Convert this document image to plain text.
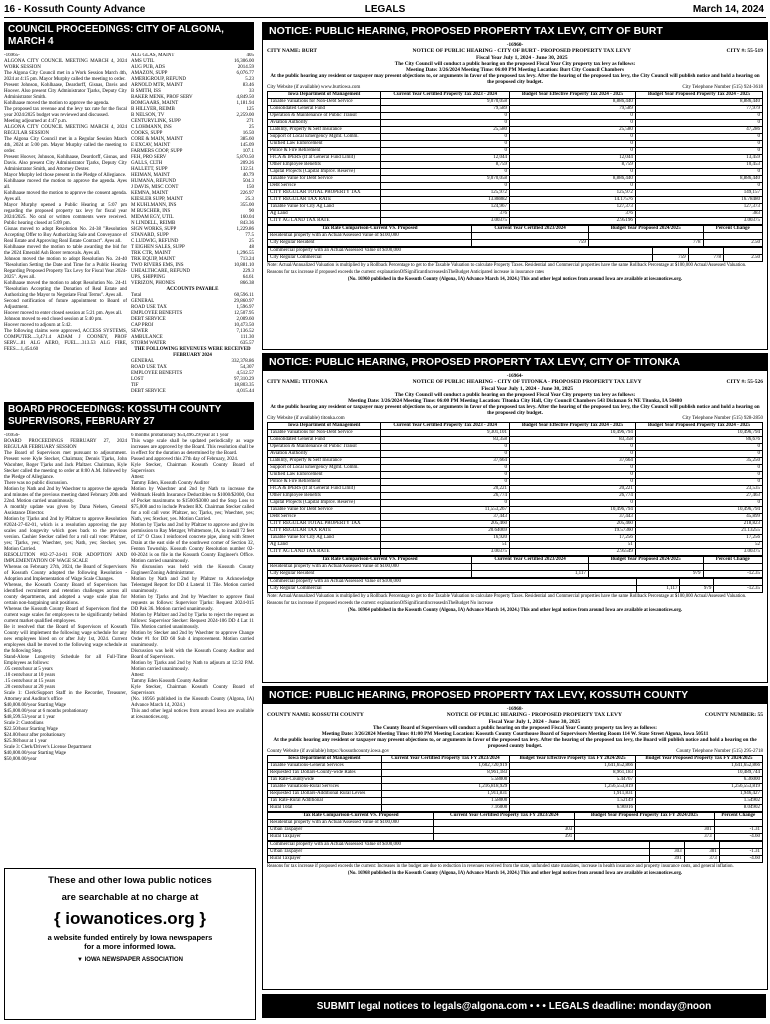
16 - Kossuth County Advance	LEGALS	March 14, 2024
COUNCIL PROCEEDINGS: CITY OF ALGONA, MARCH 4

-16965-

ALGONA CITY COUNCIL MEETING MARCH 4, 2024 WORK SESSION

The Algona City Council met in a Work Session March 4th, 2024 at 4:15 pm. Mayor Murphy called the meeting to order.

Present Johnson, Kohlhaase, Deardorff, Gisnas, Davis and Hoover. Also present City Administrator Tjarks, Deputy City Administrator Smith.

Kohlhaase moved the motion to approve the agenda.

The proposed tax revenue and the levy tax rate for the fiscal year 2024/2025 budget was reviewed and discussed.

Meeting adjourned at 4:47 p.m.

ALGONA CITY COUNCIL MEETING MARCH 4, 2024 REGULAR SESSION

The Algona City Council met in a Regular Session March 4th, 2024 at 5:00 pm. Mayor Murphy called the meeting to order.

Present Hoover, Johnson, Kohlhaase, Deardorff, Gisnas, and Davis. Also present City Administrator Tjarks, Deputy City Administrator Smith, and Attorney Dexter.

Mayor Murphy led those present in the Pledge of Allegiance.

Kohlhaase moved the motion to approve the agenda. Ayes all.

Kohlhaase moved the motion to approve the consent agenda. Ayes all.

Mayor Murphy opened a Public Hearing at 5:07 pm regarding the proposed property tax levy for fiscal year 2024/2025. No oral or written comments were received. Public hearing closed at 5:09 pm.

Gisnas moved to adopt Resolution No. 24-38 "Resolution Accepting Offer to Buy Authorizing Sale and Conveyance of Real Estate and Approving Real Estate Contract". Ayes all.

Kohlhaase moved the motion to table awarding the bid for the 2024 Emerald Ash Borer removals. Ayes all.

Johnson moved the motion to adopt Resolution No. 24-40 "Resolution Setting the Date and Time for a Public Hearing Regarding Proposed Property Tax Levy for Fiscal Year 2024-2025". Ayes all.

Kohlhaase moved the motion to adopt Resolution No. 24-41 "Resolution Accepting the Donation of Real Estate and Authorizing the Mayor to Negotiate Final Terms". Ayes all.

Second notification of future appointment to Board of Adjustment.

Hoover moved to enter closed session at 5:21 pm. Ayes all.

Johnson moved to end closed session at 5:40 pm.

Hoover moved to adjourn at 5:42.

The following claims were approved, ACCESS SYSTEMS, COMPUTER....3,471.4 ADAM J COONEY, PROF SERV....81 ALG AERO, FUEL....313.53 ALG FIRE, FEES....1,454.60

ALG GLAS, MAINT	405
AMS UTIL	16,306.00
AUG PUB, ADS	2014.59
AMAZON, SUPP	6,076.77
AMERIGROUP, REFUND	5.23
ARNOLD MTR, MAINT	83.46
B SMITH, ISS	33
BAKER MENK, PROF SERV	4,849.50
BOMGAARS, MAINT	1,181.94
B HILLYER, REIMB	125
B NELSON, TV	2,259.00
CENTURYLINK, SUPP	271
C LOHMANN, INS	25
COOKS, SUPP	16.50
CORE & MAIN, MAINT	385.60
E EXCAV, MAINT	145.09
FARMERS COOP, SUPP	107.1
FEH, PRO SERV	5,870.50
GALLS, CLTH	209.26
HALLETT, SUPP	132.51
HEIMAN, MAINT	40.79
HUMANA, REFUND	504.3
J DAVIS, MISC CONT	150
KEMNA, MAINT	226.97
KIESLER SUPP, MAINT	25.3
M KUHLMANN, INS	355.00
M BUSCHER, INS	90
MIDAM EGY, UTIL	160.04
N LINDELL, REIMB	843.36
SIGN WORKS, SUPP	1,229.86
STANARD, SUPP	77.5
C LUDWIG, REFUND	25
T EIGHEN SALES, SUPP	48
TRK CTR, MAINT	1,296.55
TRK EQUIP, MAINT	713.24
TWO RIVERS EMS, INS	10,881.10
UHEALTHCARE, REFUND	229.3
UPS, SHIPPING	64.61
VERIZON, PHONES	866.38
ACCOUNTS PAYABLE
Total	60,596.11
GENERAL	29,860.97
ROAD USE TAX	1,596.97
EMPLOYEE BENEFITS	12,507.95
DEBT SERVICE	2,009.60
CAP PROJ	10,473.50
SEWER	7,136.52
AMBULANCE	111.30
STORM WATER	635.57
THE FOLLOWING REVENUES WERE RECEIVED FEBRUARY 2024
GENERAL	332,378.86
ROAD USE TAX	54,307
EMPLOYEE BENEFITS	4,512.57
LOST	97,310.29
TIF	18,803.35
DEBT SERVICE	4,015.44
BOARD PROCEEDINGS: KOSSUTH COUNTY SUPERVISORS, FEBRUARY 27

-16956-

BOARD PROCEEDINGS FEBRUARY 27, 2024 REGULAR FEBRUARY SESSION

The Board of Supervisors met pursuant to adjournment. Present were Kyle Stecker, Chairman; Dennis Tjarks, John Wacohter, Roger Tjarks and Jack Pfaltzer. Chairman, Kyle Stecker called the meeting to order at 8:00 A.M. followed by the Pledge of Allegiance.

There was no public discussion.

Motion by Nath and 2nd by Waechter to approve the agenda and minutes of the previous meeting dated February 20th and 22nd. Motion carried unanimously.

A monthly update was given by Dana Nelsen, General Assistance Director.

Motion by Tjarks and 2nd by Pfaltzer to approve Resolution #2024-27-02-01, which is a resolution approving the pay scales and longevity which goes back to the previous version. Cashier Stecker called for a roll call vote: Pfaltzer, yes; Tjarks, yes; Waechter, yes; Nath, yes; Stecker, yes. Motion Carried.

RESOLUTION #02-27-24-01 FOR ADOPTION AND IMPLEMENTATION OF WAGE SCALE

Whereas on February 27th, 2024, the Board of Supervisors of Kossuth County adopted the following Resolution - Adoption and Implementation of Wage Scale Changes.

Whereas, the Kossuth County Board of Supervisors has identified recruitment and retention challenges across all county departments, and adopted a wage scale plan for certain non-bargaining unit positions.

Whereas the Kossuth County Board of Supervisors find the current wage scales for employees to be significantly behind current market qualified employees.

Be it resolved that the Board of Supervisors of Kossuth County will implement the following wage schedule for any new employees hired on or after July 1st, 2024. Current employees shall be moved to the following wage schedule at the following Step.

Stand-Alone Longevity Schedule for all Full-Time Employees as follows:

.05 cents/hour at 5 years

.10 cents/hour at 10 years

.15 cents/hour at 15 years

.20 cents/hour at 20 years

Scale 1: Clerk/Support Staff in the Recorder, Treasurer, Attorney and Auditor's office

$40,000.00/year Starting Wage

$45,000.00/year at 6 months probationary

$48,599.53/year at 1 year

Scale 2: Custodians

$22.50/hour Starting Wage

$24.00/hour after probationary

$25.98/hour at 1 year

Scale 3: Clerk/Driver's License Department

$40,000.00/year Starting Wage

$50,000.00/year

6 months probationary $54,496.29/year at 1 year

This wage scale shall be updated periodically as wage increases are approved by the Board. This resolution shall be in effect for the duration as determined by the Board.

Passed and approved this 27th day of February, 2024.

Kyle Stecker, Chairman Kossuth County Board of Supervisors

Attest:

Tammy Eden, Kossuth County Auditor

Motion by Waechter and 2nd by Nath to increase the Wellmark Health Insurance Deductibles to $1000/$2000, Out of Pocket maximums to $1500/$3000 and the Stop Loss to $75,000 and to include Prudent RX. Chairman Stecker called for a roll call vote: Pfaltzer, no; Tjarks, yes; Waechter, yes; Nath, yes; Stecker, yes. Motion Carried.

Motion by Tjarks and 2nd by Pfaltzer to approve and give its permission to Ray Metzger, Whittemore, IA, to install 72 feet of 12" O Class I reinforced concrete pipe, along with Street Drain at the east side of the southwest corner of Section 32, Fenton Township. Kossuth County Resolution number 02-00-2024 is on file in the Kossuth County Engineer's Office. Motion carried unanimously.

No discussion was held with the Kossuth County Engineer/Zoning Administrator.

Motion by Nath and 2nd by Pfaltzer to Acknowledge Telestaged Report for DD 4 Lateral 11 Tile. Motion carried unanimously.

Motion by Tjarks and 2nd by Waechter to approve final requests as follows: Supervisor Tjarks: Request 2024-015 DD Pak 36. Motion carried unanimously.

Motion by Pfaltzer and 2nd by Tjarks to reject the request as follows: Supervisor Stecker: Request 2024-106 DD 4 Lat 11 Tile. Motion carried unanimously.

Motion by Stecker and 2nd by Waechter to approve Change Order #1 for DD 60 Sub 4 improvement. Motion carried unanimously.

Discussion was held with the Kossuth County Auditor and Board of Supervisors.

Motion by Tjarks and 2nd by Nath to adjourn at 12:32 P.M. Motion carried unanimously.

Attest:

Tammy Eden Kossuth County Auditor

Kyle Stecker, Chairman Kossuth County Board of Supervisors

(No. 16956 published in the Kossuth County (Algona, IA) Advance March 14, 2024.)

This and other legal notices from around Iowa are available at iowanotices.org.

These and other Iowa public notices
are searchable at no charge at
{ iowanotices.org }
a website funded entirely by Iowa newspapers
for a more informed Iowa.
▼ IOWA NEWSPAPER ASSOCIATION
NOTICE: PUBLIC HEARING, PROPOSED PROPERTY TAX LEVY, CITY OF BURT
-16960-
CITY NAME: BURT	NOTICE OF PUBLIC HEARING - CITY OF BURT - PROPOSED PROPERTY TAX LEVY
Fiscal Year July 1, 2024 - June 30, 2025
CITY #: 55-519
The City Council will conduct a public hearing on the proposed Fiscal Year City property tax levy as follows:
Meeting Date: 3/26/2024 Meeting Time: 06:00 PM Meeting Location: Burt City Council Chambers
At the public hearing any resident or taxpayer may present objections to, or arguments in favor of the proposed tax levy. After the hearing of the proposed tax levy, the City Council will publish notice and hold a hearing on the proposed city budget.
City Website (if available) www.burtiowa.com	City Telephone Number (515) 924-3618
Iowa Department of Management	Current Year Certified Property Tax 2023 - 2024	Budget Year Effective Property Tax 2024 - 2025	Budget Year Proposed Property Tax 2024 - 2025
Taxable Valuations for Non-Debt Service	9,070,058	8,886,440	8,886,440
Consolidated General Fund	79,589	79,589	77,979
Operation & Maintenance of Public Transit	0	0	0
Aviation Authority	0	0	0
Liability, Property & Self Insurance	25,580	25,580	47,286
Support of Local Emergency Mgmt. Comm.	0	0	0
Unified Law Enforcement	0	0	0
Police & Fire Retirement	0	0	0
FICA & IPERS (If at General Fund Limit)	12,044	12,044	13,459
Other Employee Benefits	8,759	8,759	10,453
Capital Projects (Capital Improv. Reserve)	0	0	0
Taxable Value for Debt Service	9,070,058	8,886,440	8,886,440
Debt Service	0	0	0
CITY REGULAR TOTAL PROPERTY TAX	125,972	125,972	149,157
CITY REGULAR TAX RATE	13.88882	14.17576	16.78480
Taxable Value for City Ag Land	124,967	127,373	127,373
Ag Land	376	376	383
CITY AG LAND TAX RATE	3.00375	2.95196	3.00375
Tax Rate Comparison-Current VS. Proposed	Current Year Certified 2023/2024	Budget Year Proposed 2024/2025	Percent Change
Residential property with an Actual/Assessed Value of $100,000			
City Regular Resident	759	778	2.50
Commercial property with an Actual/Assessed Value of $100,000			
City Regular Commercial	759	778	2.50
Note: Actual/Annualized Valuation is multiplied by a Rollback Percentage to get to the Taxable Valuation to calculate Property Taxes. Residential and Commercial properties have the same Rollback Percentage at $100,000 Actual/Assessed Valuation.
Reasons for tax increase if proposed exceeds the current: explanationOfSignificantIncreasesInTheBudget Anticipated increase in insurance rates
(No. 16960 published in the Kossuth County (Algona, IA) Advance March 14, 2024.) This and other legal notices from around Iowa are available at iowanotices.org.
NOTICE: PUBLIC HEARING, PROPOSED PROPERTY TAX LEVY, CITY OF TITONKA
-16964-
CITY NAME: TITONKA	NOTICE OF PUBLIC HEARING - CITY OF TITONKA - PROPOSED PROPERTY TAX LEVY
Fiscal Year July 1, 2024 - June 30, 2025
CITY #: 55-526
The City Council will conduct a public hearing on the proposed Fiscal Year City property tax levy as follows:
Meeting Date: 3/26/2024 Meeting Time: 06:00 PM Meeting Location: Titonka City Hall, City Council Chambers 543 Dickman St NE Titonka, IA 50480
At the public hearing any resident or taxpayer may present objections to, or arguments in favor of the proposed tax levy. After the hearing of the proposed tax levy, the City Council will publish notice and hold a hearing on the proposed city budget.
City Website (if available) titonka.com	City Telephone Number (515) 928-2850
Iowa Department of Management	Current Year Certified Property Tax 2023 - 2024	Budget Year Effective Property Tax 2024 - 2025	Budget Year Proposed Property Tax 2024 - 2025
Taxable Valuations for Non-Debt Service	9,301,101	10,496,794	10,496,794
Consolidated General Fund	83,358	83,358	86,676
Operation & Maintenance of Public Transit	0	0	0
Aviation Authority	0	0	0
Liability, Property & Self Insurance	37,664	37,664	35,250
Support of Local Emergency Mgmt. Comm.	0	0	0
Unified Law Enforcement	0	0	0
Police & Fire Retirement	0	0	0
FICA & IPERS (If at General Fund Limit)	20,221	20,221	23,535
Other Employee Benefits	26,774	26,774	27,463
Capital Projects (Capital Improv. Reserve)	0	0	0
Taxable Value for Debt Service	11,553,267	10,496,794	10,496,794
Debt Service	37,443	37,443	45,899
CITY REGULAR TOTAL PROPERTY TAX	205,460	205,460	218,823
CITY REGULAR TAX RATE	20.64069	19.57360	21.13255
Taxable Value for City Ag Land	16,920	17,256	17,256
Ag Land	51	51	52
CITY AG LAND TAX RATE	3.00375	2.95549	3.00375
Tax Rate Comparison-Current VS. Proposed	Current Year Certified 2023/2024	Budget Year Proposed 2024/2025	Percent Change
Residential property with an Actual/Assessed Value of $100,000			
City Regular Resident	1,117	979	-12.35
Commercial property with an Actual/Assessed Value of $100,000			
City Regular Commercial	1,117	979	-12.35
Note: Actual/Annualized Valuation is multiplied by a Rollback Percentage to get to the Taxable Valuation to calculate Property Taxes. Residential and Commercial properties have the same Rollback Percentage at $100,000 Actual/Assessed Valuation.
Reasons for tax increase if proposed exceeds the current: explanationOfSignificantIncreasesInTheBudget No increase
(No. 16964 published in the Kossuth County (Algona, IA) Advance March 14, 2024.) This and other legal notices from around Iowa are available at iowanotices.org.
NOTICE: PUBLIC HEARING, PROPOSED PROPERTY TAX LEVY, KOSSUTH COUNTY
-16968-
COUNTY NAME: KOSSUTH COUNTY	NOTICE OF PUBLIC HEARING - PROPOSED PROPERTY TAX LEVY
Fiscal Year July 1, 2024 - June 30, 2025
COUNTY NUMBER: 55
The County Board of Supervisors will conduct a public hearing on the proposed Fiscal Year County property tax levy as follows:
Meeting Date: 3/26/2024 Meeting Time: 01:00 PM Meeting Location: Kossuth County Courthouse Board of Supervisors Meeting Room 114 W. State Street Algona, Iowa 50511
At the public hearing any resident or taxpayer may present objections to, or arguments in favor of the proposed tax levy. After the hearing of the proposed tax levy, the Board will publish notice and hold a hearing on the proposed county budget.
County Website (if available) https://kossuthcounty.iowa.gov	County Telephone Number (515) 295-2718
Iowa Department of Management	Current Year Certified Property Tax FY 2023/2024	Budget Year Effective Property Tax FY 2024/2025	Budget Year Proposed Property Tax FY 2024/2025
Taxable Valuations-General Services	1,602,720,919	1,641,652,866	1,641,652,866
Requested Tax Dollars-County-wide Rates	8,961,183	8,961,183	10,489,744
Tax Rate-Countywide	5.58000	5.44767	6.36000
Taxable Valuations-Rural Services	1,216,818,929	1,256,553,819	1,256,553,819
Requested Tax Dollars-Additional Rural Levies	1,911,831	1,911,831	1,946,427
Tax Rate-Rural Additional	1.58000	1.52149	1.54902
Rural Total	7.16000	6.96916	8.04902
Tax Rate Comparison-Current VS. Proposed	Current Year Certified Property Tax FY 2023/2024	Budget Year Proposed Property Tax FY 2024/2025	Percent Change
Residential property with an Actual/Assessed Value of $100,000			
Urban Taxpayer	303	301	-1.31
Rural Taxpayer	391	373	-4.60
Commercial property with an Actual/Assessed Value of $100,000			
Urban Taxpayer	303	301	-1.31
Rural Taxpayer	391	373	-4.60
Reasons for tax increase if proposed exceeds the current: Increases in the budget are due to reduction in revenues received from the state, unfunded state mandates, increase in health insurance and property insurance costs, and general inflation.
(No. 16968 published in the Kossuth County (Algona, IA) Advance March 14, 2024.) This and other legal notices from around Iowa are available at iowanotices.org.
SUBMIT legal notices to legals@algona.com • • • LEGALS deadline: monday@noon
